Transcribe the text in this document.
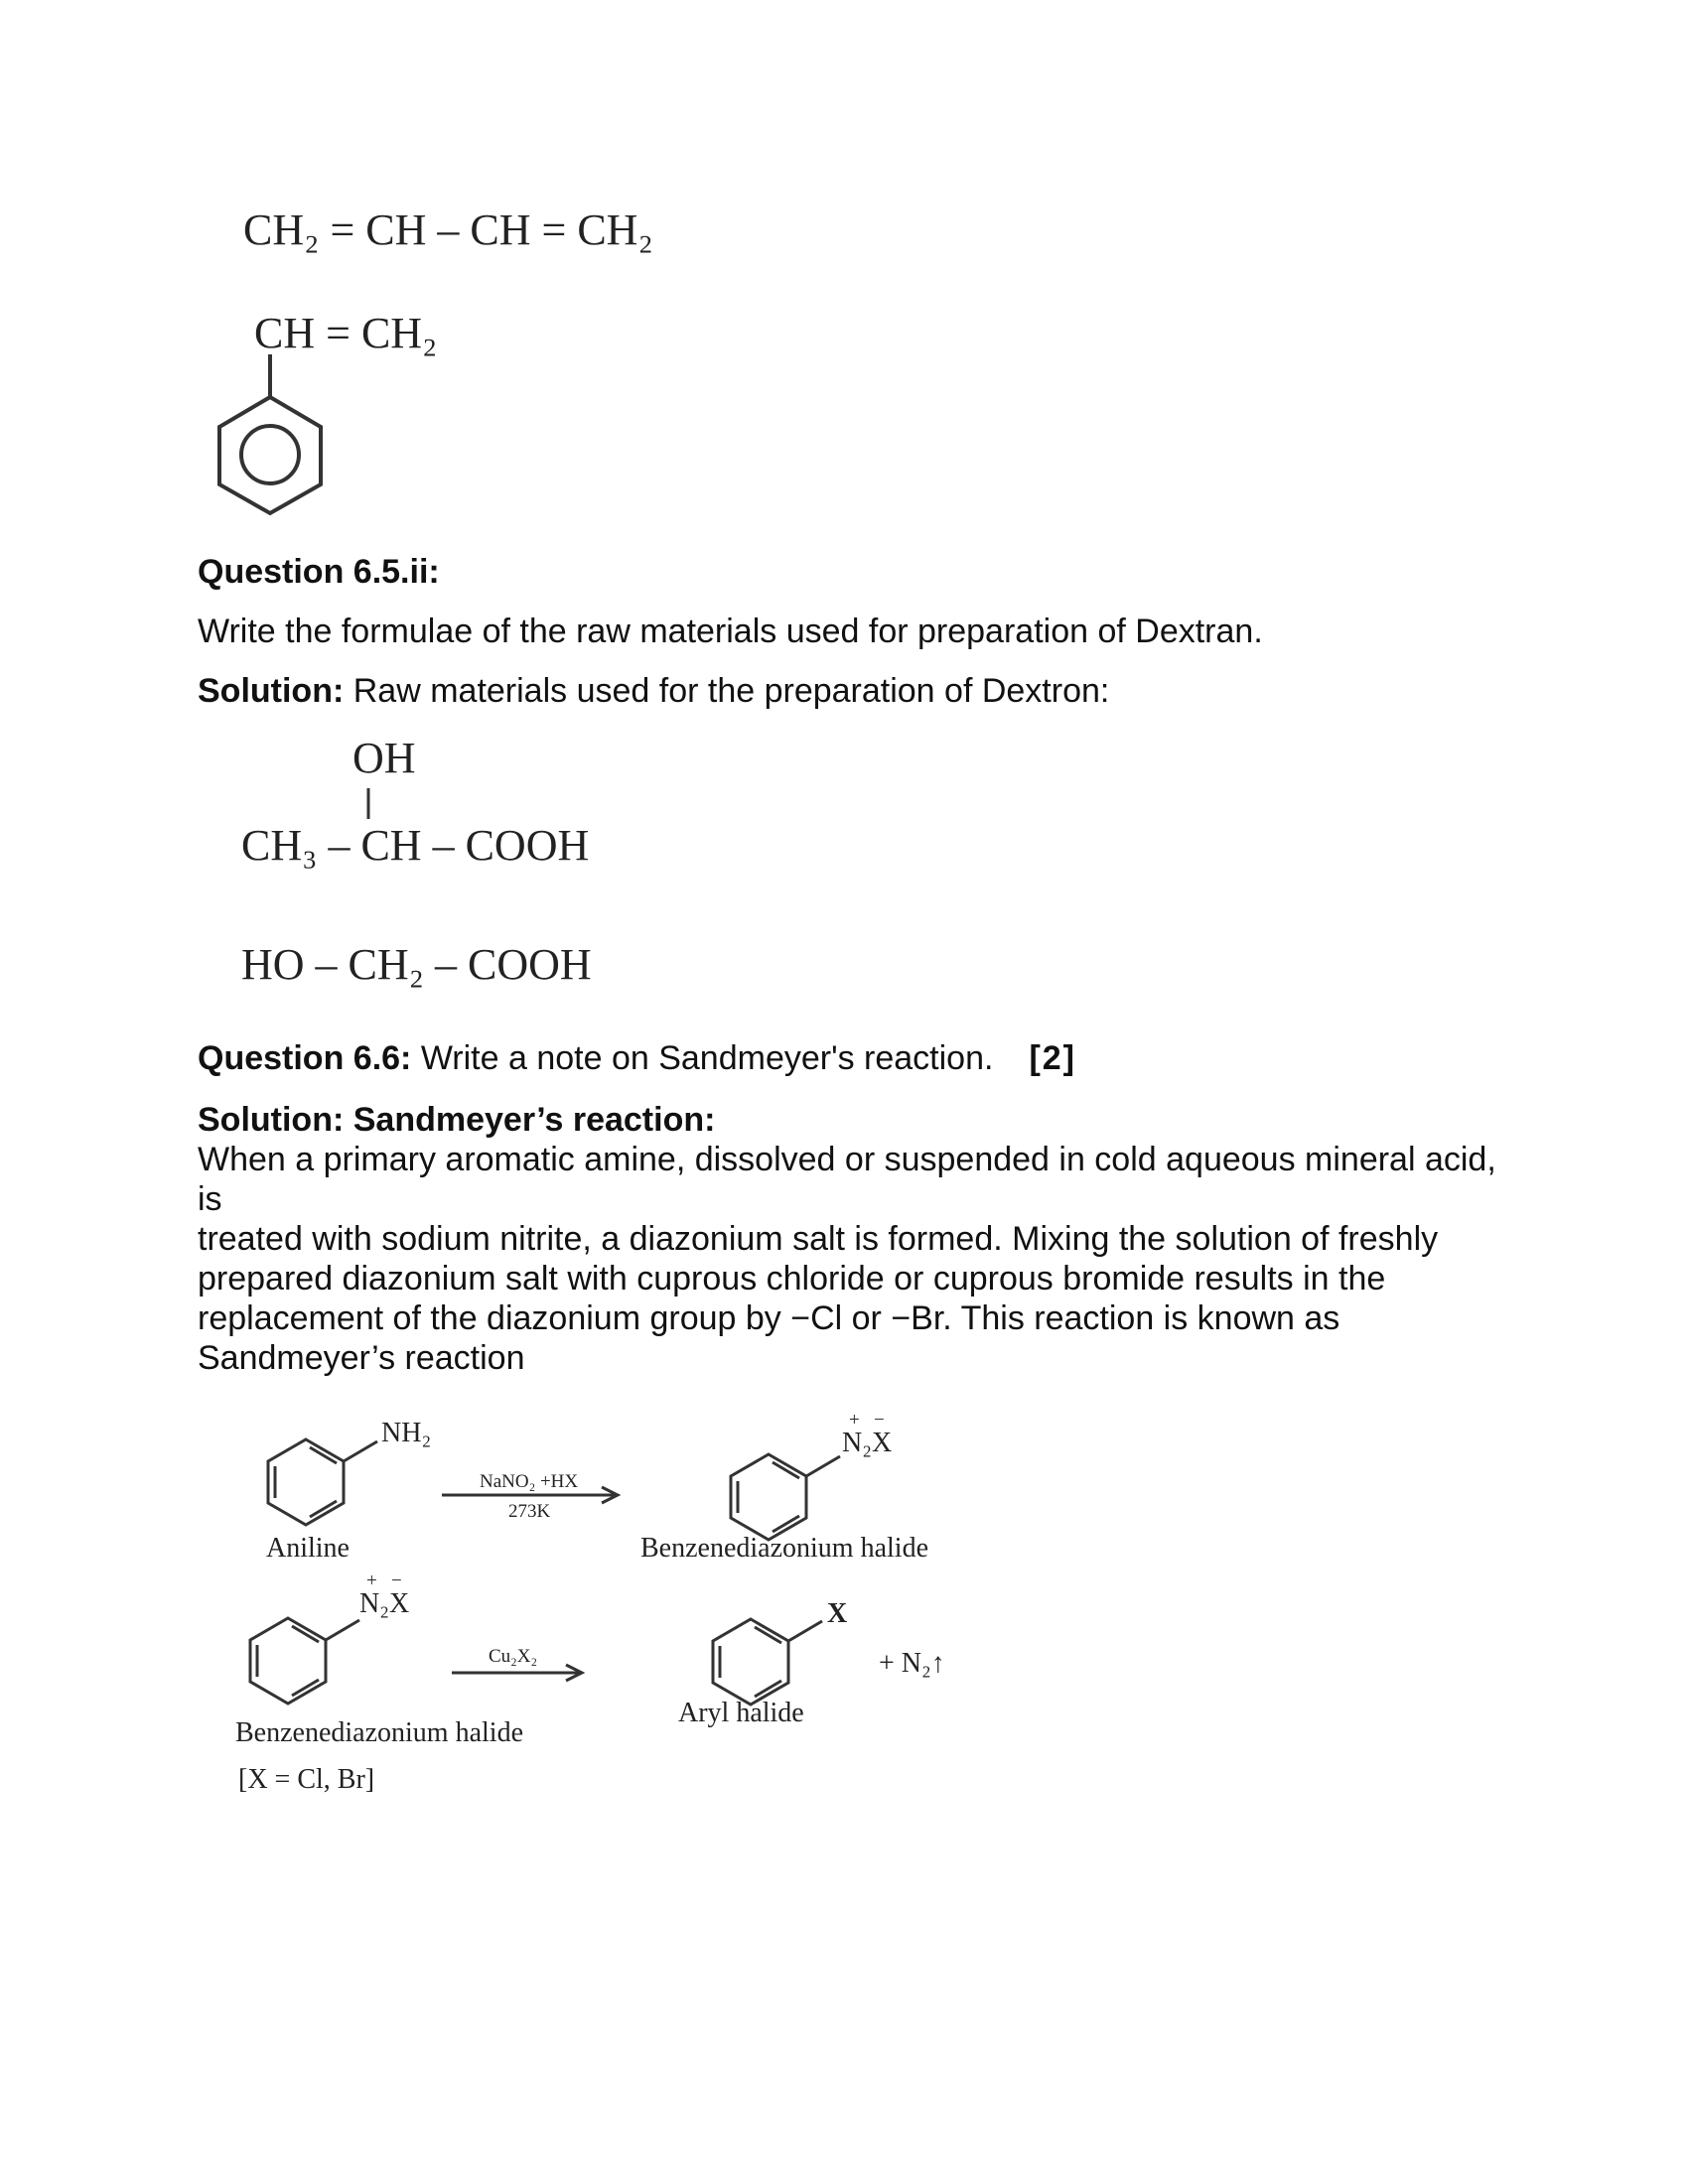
CH₂ = CH – CH = CH₂
CH = CH₂
Question 6.5.ii:
Write the formulae of the raw materials used for preparation of Dextran.
Solution: Raw materials used for the preparation of Dextron:
OH
CH₃ – CH – COOH
HO – CH₂ – COOH
Question 6.6: Write a note on Sandmeyer's reaction. [2]
Solution: Sandmeyer’s reaction:
When a primary aromatic amine, dissolved or suspended in cold aqueous mineral acid,
is
treated with sodium nitrite, a diazonium salt is formed. Mixing the solution of freshly
prepared diazonium salt with cuprous chloride or cuprous bromide results in the
replacement of the diazonium group by −Cl or −Br. This reaction is known as
Sandmeyer’s reaction
NH₂
Aniline
NaNO₂ +HX
273K
+   −
N₂X
Benzenediazonium halide
+   −
N₂X
Cu₂X₂
X
+ N₂↑
Aryl halide
Benzenediazonium halide
[X = Cl, Br]
